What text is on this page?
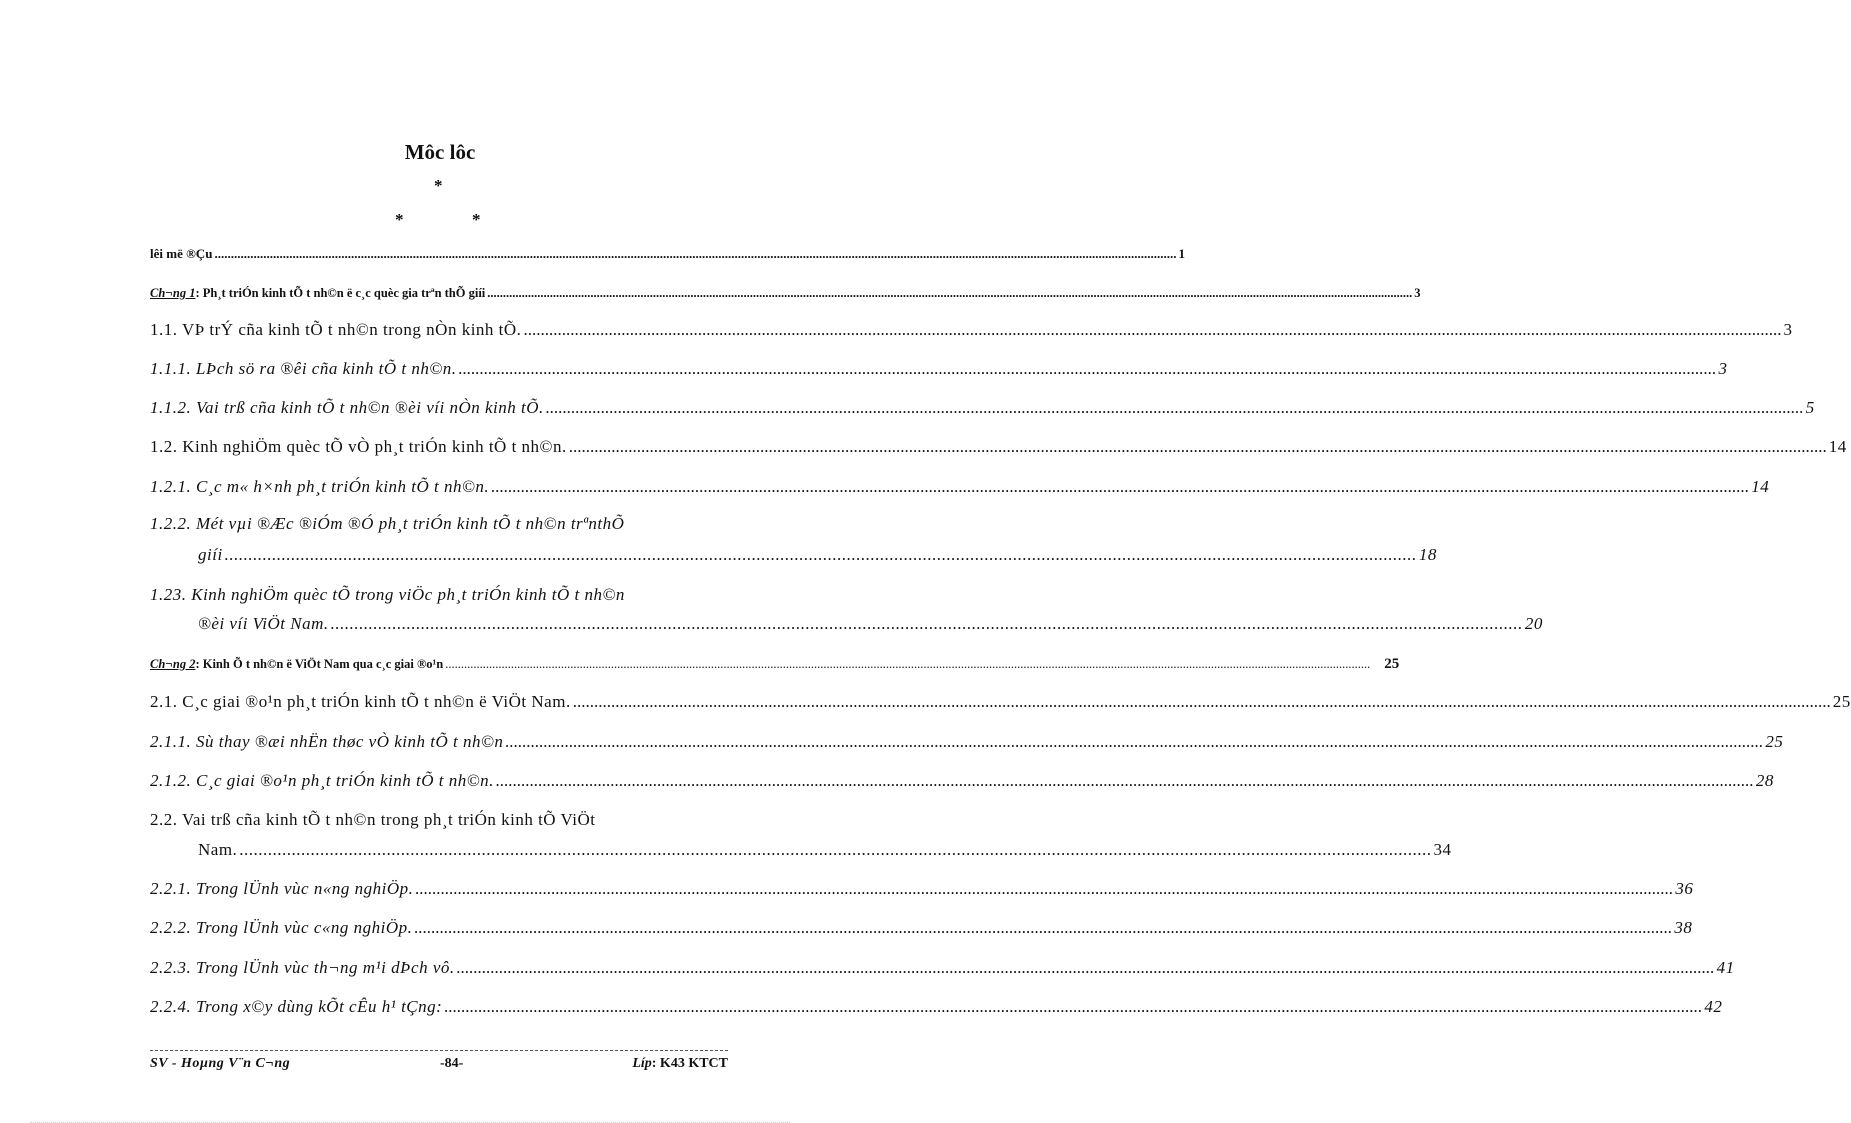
Môc lôc
*
*	*
lêi më ®Çu .....	1
Ch¬ng 1: Ph¸t triÓn kinh tÕ t nh©n ë c¸c quèc gia trªn thÕ giíi .....	3
1.1. VÞ trÝ cña kinh tÕ t nh©n trong nÒn kinh tÕ. .....	3
1.1.1. LÞch sö ra ®êi cña kinh tÕ t nh©n. .....	3
1.1.2. Vai trß cña kinh tÕ t nh©n ®èi víi nÒn kinh tÕ. .....	5
1.2. Kinh nghiÖm quèc tÕ vÒ ph¸t triÓn kinh tÕ t nh©n. .....	14
1.2.1. C¸c m« h×nh ph¸t triÓn kinh tÕ t nh©n. .....	14
1.2.2. Mét vµi ®Æc ®iÓm ®Ó ph¸t triÓn kinh tÕ t nh©n trªnthÕ
giíi .....	18
1.23. Kinh nghiÖm quèc tÕ trong viÖc ph¸t triÓn kinh tÕ t nh©n
®èi víi ViÖt Nam. .....	20
Ch¬ng 2: Kinh Õ t nh©n ë ViÖt Nam qua c¸c giai ®o¹n .....	25
2.1. C¸c giai ®o¹n ph¸t triÓn kinh tÕ t nh©n ë ViÖt Nam. .....	25
2.1.1. Sù thay ®æi nhËn thøc vÒ kinh tÕ t nh©n .....	25
2.1.2. C¸c giai ®o¹n ph¸t triÓn kinh tÕ t nh©n. .....	28
2.2. Vai trß cña kinh tÕ t nh©n trong ph¸t triÓn kinh tÕ ViÖt
Nam. .....	34
2.2.1. Trong lÜnh vùc n«ng nghiÖp. .....	36
2.2.2. Trong lÜnh vùc c«ng nghiÖp. .....	38
2.2.3. Trong lÜnh vùc th¬ng m¹i dÞch vô. .....	41
2.2.4. Trong x©y dùng kÕt cÊu h¹ tÇng: .....	42
SV - Hoµng V¨n C¬ng	-84-	Líp: K43 KTCT
